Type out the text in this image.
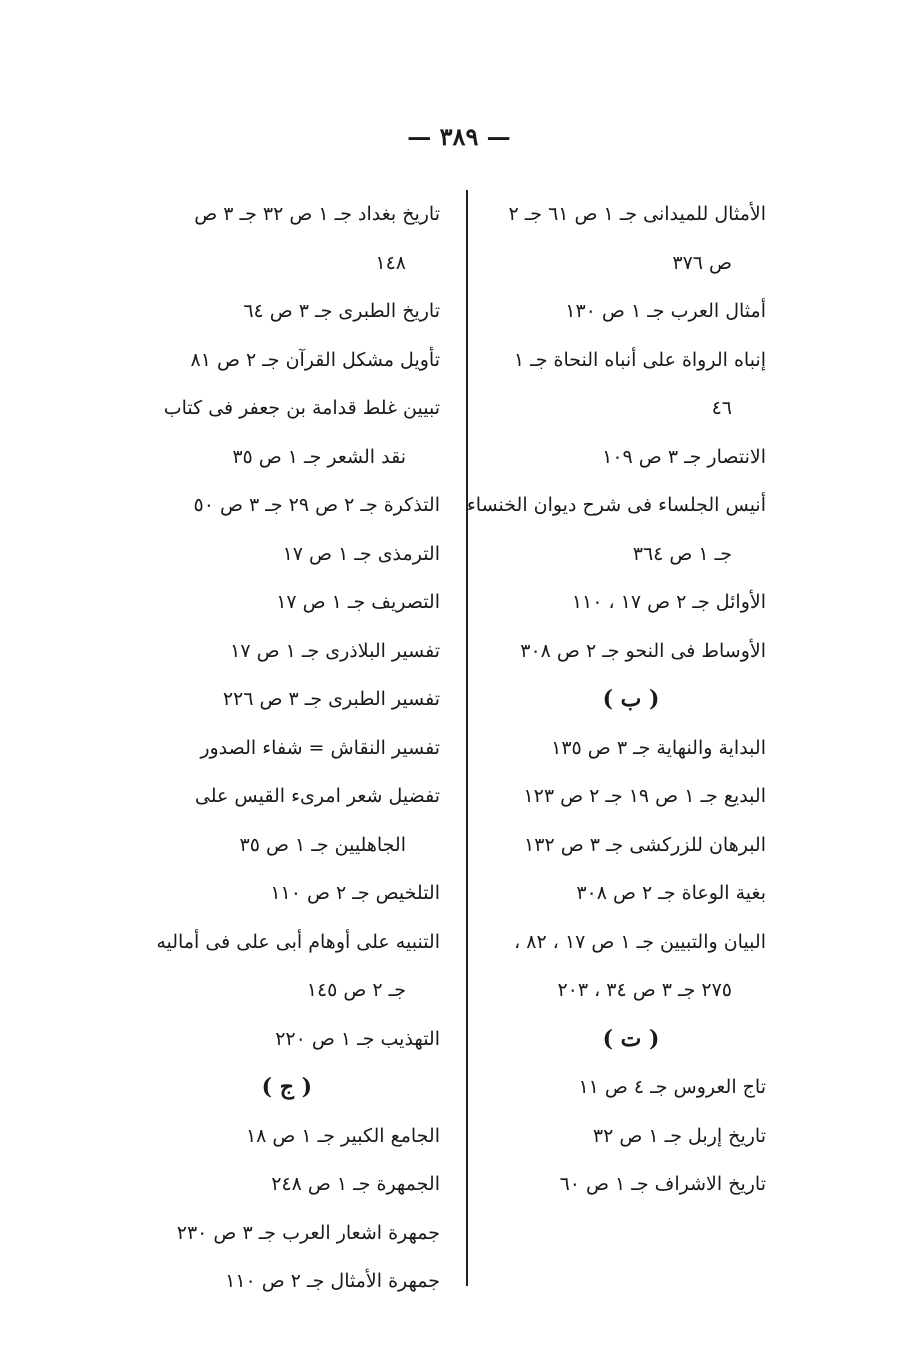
— ٣٨٩ —
الأمثال للميدانى جـ ١ ص ٦١ جـ ٢
ص ٣٧٦
أمثال العرب جـ ١ ص ١٣٠
إنباه الرواة على أنباه النحاة جـ ١
٤٦
الانتصار جـ ٣ ص ١٠٩
أنيس الجلساء فى شرح ديوان الخنساء
جـ ١ ص ٣٦٤
الأوائل جـ ٢ ص ١٧ ، ١١٠
الأوساط فى النحو جـ ٢ ص ٣٠٨
( ب )
البداية والنهاية جـ ٣ ص ١٣٥
البديع جـ ١ ص ١٩ جـ ٢ ص ١٢٣
البرهان للزركشى جـ ٣ ص ١٣٢
بغية الوعاة جـ ٢ ص ٣٠٨
البيان والتبيين جـ ١ ص ١٧ ، ٨٢ ،
٢٧٥ جـ ٣ ص ٣٤ ، ٢٠٣
( ت )
تاج العروس جـ ٤ ص ١١
تاريخ إربل جـ ١ ص ٣٢
تاريخ الاشراف جـ ١ ص ٦٠
تاريخ بغداد جـ ١ ص ٣٢ جـ ٣ ص
١٤٨
تاريخ الطبرى جـ ٣ ص ٦٤
تأويل مشكل القرآن جـ ٢ ص ٨١
تبيين غلط قدامة بن جعفر فى كتاب
نقد الشعر جـ ١ ص ٣٥
التذكرة جـ ٢ ص ٢٩ جـ ٣ ص ٥٠
الترمذى جـ ١ ص ١٧
التصريف جـ ١ ص ١٧
تفسير البلاذرى جـ ١ ص ١٧
تفسير الطبرى جـ ٣ ص ٢٢٦
تفسير النقاش = شفاء الصدور
تفضيل شعر امرىء القيس على
الجاهليين جـ ١ ص ٣٥
التلخيص جـ ٢ ص ١١٠
التنبيه على أوهام أبى على فى أماليه
جـ ٢ ص ١٤٥
التهذيب جـ ١ ص ٢٢٠
( ج )
الجامع الكبير جـ ١ ص ١٨
الجمهرة جـ ١ ص ٢٤٨
جمهرة اشعار العرب جـ ٣ ص ٢٣٠
جمهرة الأمثال جـ ٢ ص ١١٠
